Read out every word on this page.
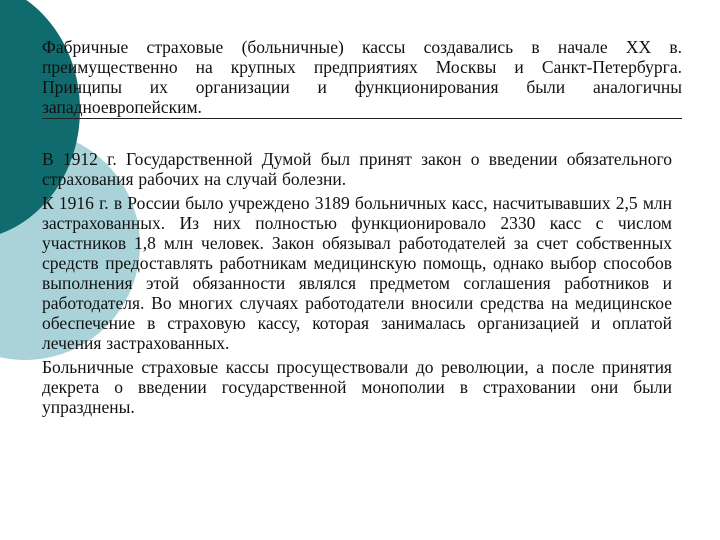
Фабричные страховые (больничные) кассы создавались в начале XX в. преимущественно на крупных предприятиях Москвы и Санкт-Петербурга. Принципы их организации и функционирования были аналогичны западноевропейским.

В 1912 г. Государственной Думой был принят закон о введении обязательного страхования рабочих на случай болезни.

К 1916 г. в России было учреждено 3189 больничных касс, насчитывавших 2,5 млн застрахованных. Из них полностью функционировало 2330 касс с числом участников 1,8 млн человек. Закон обязывал работодателей за счет собственных средств предоставлять работникам медицинскую помощь, однако выбор способов выполнения этой обязанности являлся предметом соглашения работников и работодателя. Во многих случаях работодатели вносили средства на медицинское обеспечение в страховую кассу, которая занималась организацией и оплатой лечения застрахованных.

Больничные страховые кассы просуществовали до революции, а после принятия декрета о введении государственной монополии в страховании они были упразднены.
